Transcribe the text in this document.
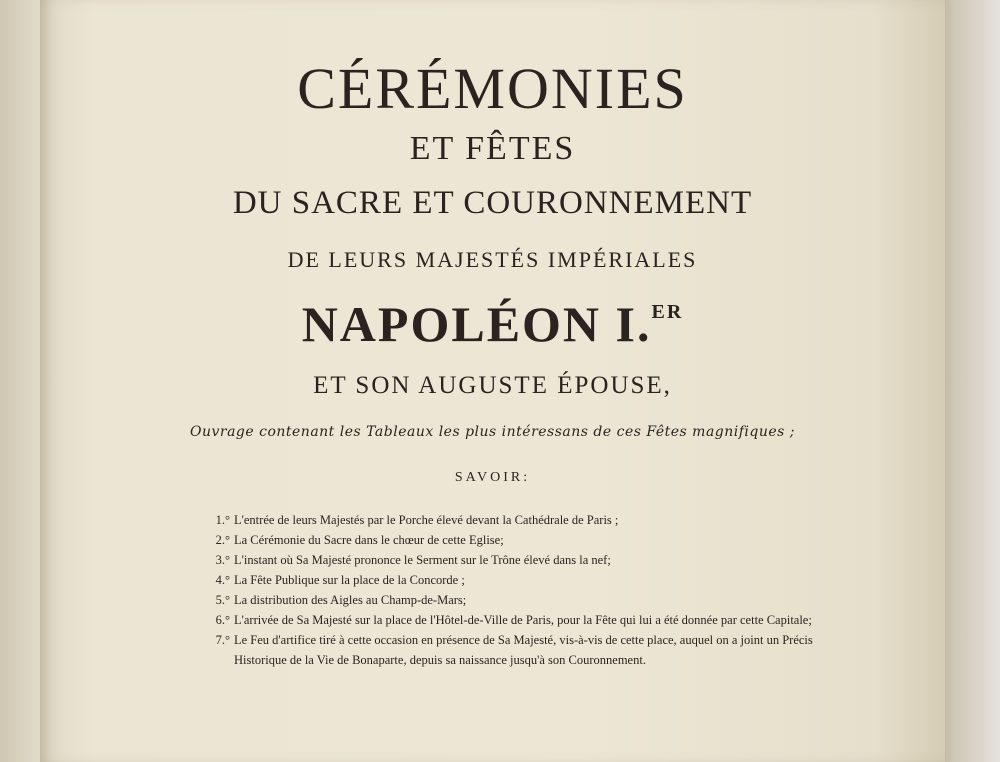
CÉRÉMONIES
ET FÊTES
DU SACRE ET COURONNEMENT
DE LEURS MAJESTÉS IMPÉRIALES
NAPOLÉON I.$^{ER}$
ET SON AUGUSTE ÉPOUSE,
Ouvrage contenant les Tableaux les plus intéressans de ces Fêtes magnifiques ;
SAVOIR:
1.° L'entrée de leurs Majestés par le Porche élevé devant la Cathédrale de Paris ;
2.° La Cérémonie du Sacre dans le chœur de cette Eglise;
3.° L'instant où Sa Majesté prononce le Serment sur le Trône élevé dans la nef;
4.° La Fête Publique sur la place de la Concorde ;
5.° La distribution des Aigles au Champ-de-Mars;
6.° L'arrivée de Sa Majesté sur la place de l'Hôtel-de-Ville de Paris, pour la Fête qui lui a été donnée par cette Capitale;
7.° Le Feu d'artifice tiré à cette occasion en présence de Sa Majesté, vis-à-vis de cette place, auquel on a joint un Précis Historique de la Vie de Bonaparte, depuis sa naissance jusqu'à son Couronnement.
